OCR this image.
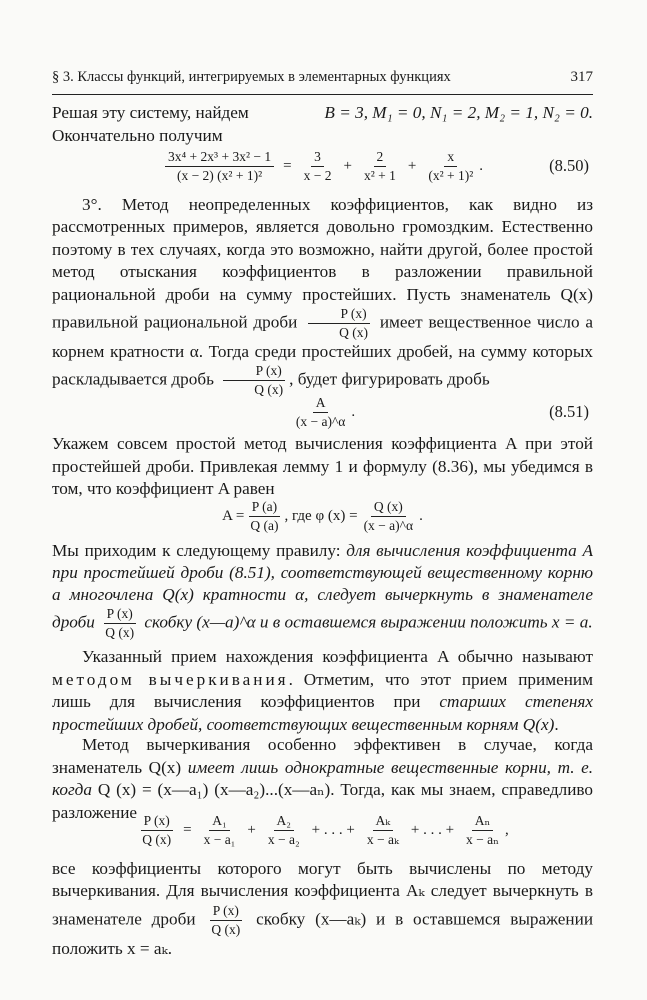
§ 3. Классы функций, интегрируемых в элементарных функциях	317
Решая эту систему, найдем	B = 3, M₁ = 0, N₁ = 2, M₂ = 1, N₂ = 0.
Окончательно получим
$\frac{\text{3x⁴ + 2x³ + 3x² − 1}}{\text{(x − 2) (x² + 1)²}} = \frac{3}{x - 2} + \frac{2}{\text{x² + 1}} + \frac{x}{\text{(x² + 1)²}}$ .	(8.50)
3°. Метод неопределенных коэффициентов, как видно из рассмотренных примеров, является довольно громоздким. Естественно поэтому в тех случаях, когда это возможно, найти другой, более простой метод отыскания коэффициентов в разложении правильной рациональной дроби на сумму простейших. Пусть знаменатель Q(x) правильной рациональной дроби $\frac{P (x)}{Q (x)}$ имеет вещественное число a корнем кратности α. Тогда среди простейших дробей, на сумму которых раскладывается дробь $\frac{P (x)}{Q (x)}$ , будет фигурировать дробь
$\frac{A}{(x - a)\^{}\alpha}$ .	(8.51)
Укажем совсем простой метод вычисления коэффициента A при этой простейшей дроби. Привлекая лемму 1 и формулу (8.36), мы убедимся в том, что коэффициент A равен
$A = \frac{P (a)}{Q (a)}$ , где φ $(x) = \frac{Q (x)}{(x - a)\^{}\alpha}$ .
Мы приходим к следующему правилу: для вычисления коэффициента A при простейшей дроби (8.51), соответствующей вещественному корню a многочлена Q(x) кратности α, следует вычеркнуть в знаменателе дроби $\frac{P (x)}{Q (x)}$ скобку (x—a)^α и в оставшемся выражении положить x = a.
Указанный прием нахождения коэффициента A обычно называют методом вычеркивания. Отметим, что этот прием применим лишь для вычисления коэффициентов при старших степенях простейших дробей, соответствующих вещественным корням Q(x).
Метод вычеркивания особенно эффективен в случае, когда знаменатель Q(x) имеет лишь однократные вещественные корни, т. е. когда Q (x) = (x—a₁) (x—a₂)...(x—aₙ). Тогда, как мы знаем, справедливо разложение
$\frac{P (x)}{Q (x)} = \frac{\text{A₁}}{\text{x − a₁}} + \frac{\text{A₂}}{\text{x − a₂}}$ + . . . + $\frac{\text{Aₖ}}{\text{x − aₖ}}$ + . . . + $\frac{\text{Aₙ}}{\text{x − aₙ}}$ ,
все коэффициенты которого могут быть вычислены по методу вычеркивания. Для вычисления коэффициента Aₖ следует вычеркнуть в знаменателе дроби $\frac{P (x)}{Q (x)}$ скобку (x—aₖ) и в оставшемся выражении положить x = aₖ.
